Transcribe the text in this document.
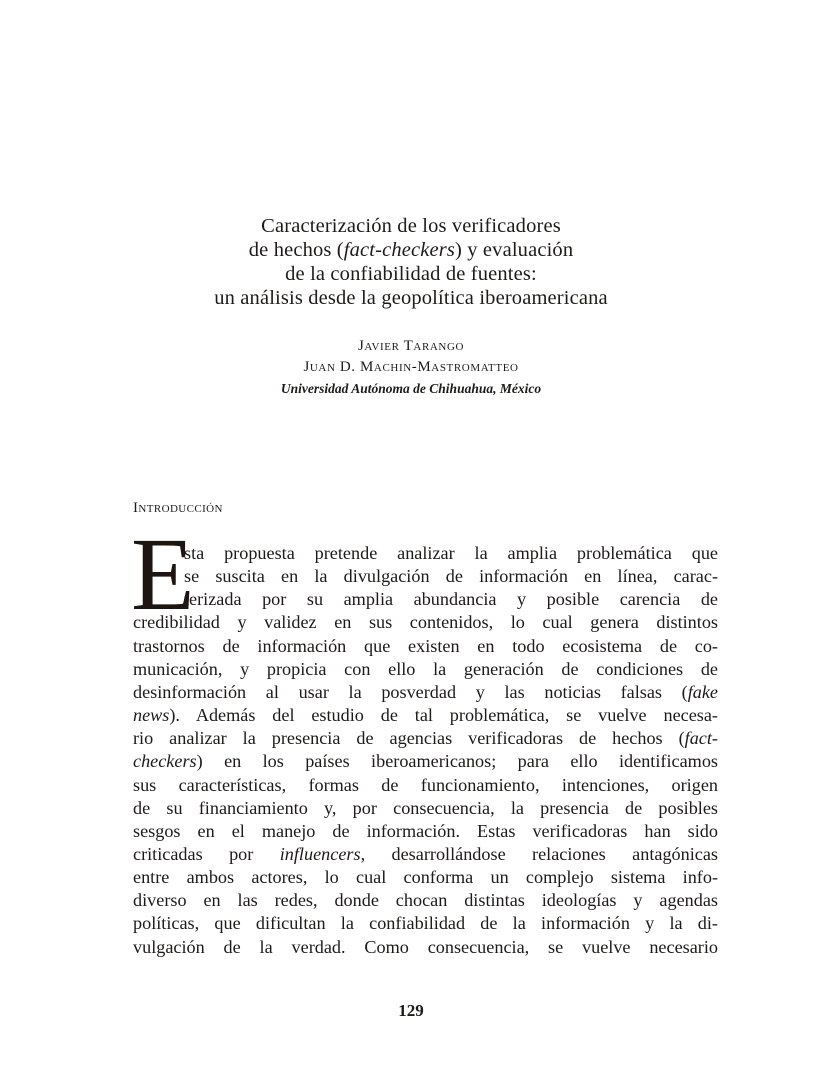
Caracterización de los verificadores
de hechos (fact-checkers) y evaluación
de la confiabilidad de fuentes:
un análisis desde la geopolítica iberoamericana
Javier Tarango
Juan D. Machin-Mastromatteo
Universidad Autónoma de Chihuahua, México
Introducción
E
sta propuesta pretende analizar la amplia problemática que
se suscita en la divulgación de información en línea, carac-
terizada por su amplia abundancia y posible carencia de
credibilidad y validez en sus contenidos, lo cual genera distintos
trastornos de información que existen en todo ecosistema de co-
municación, y propicia con ello la generación de condiciones de
desinformación al usar la posverdad y las noticias falsas (fake
news). Además del estudio de tal problemática, se vuelve necesa-
rio analizar la presencia de agencias verificadoras de hechos (fact-
checkers) en los países iberoamericanos; para ello identificamos
sus características, formas de funcionamiento, intenciones, origen
de su financiamiento y, por consecuencia, la presencia de posibles
sesgos en el manejo de información. Estas verificadoras han sido
criticadas por influencers, desarrollándose relaciones antagónicas
entre ambos actores, lo cual conforma un complejo sistema info-
diverso en las redes, donde chocan distintas ideologías y agendas
políticas, que dificultan la confiabilidad de la información y la di-
vulgación de la verdad. Como consecuencia, se vuelve necesario
129
